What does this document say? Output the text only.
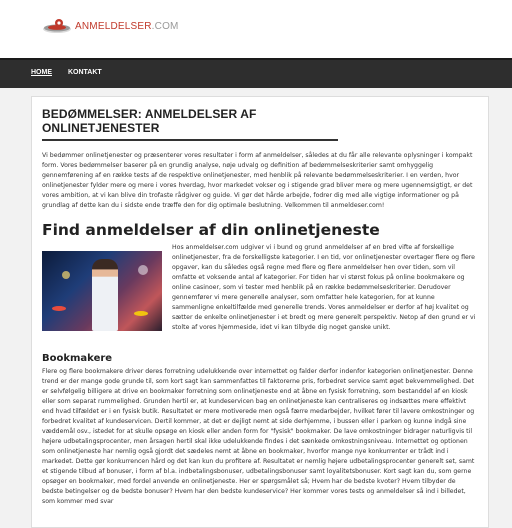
ANMELDELSER.COM
HOME KONTAKT
BEDØMMELSER: ANMELDELSER AF ONLINETJENESTER

Vi bedømmer onlinetjenester og præsenterer vores resultater i form af anmeldelser, således at du får alle relevante oplysninger i kompakt form. Vores bedømmelser baserer på en grundig analyse, nøje udvalg og definition af bedømmelseskriterier samt omhyggelig gennemførening af en række tests af de respektive onlinetjenester, med henblik på relevante bedømmelseskriterier. I en verden, hvor onlinetjenester fylder mere og mere i vores hverdag, hvor markedet vokser og i stigende grad bliver mere og mere ugennemsigtigt, er det vores ambition, at vi kan blive din trofaste rådgiver og guide. Vi gør det hårde arbejde, fodrer dig med alle vigtige informationer og på grundlag af dette kan du i sidste ende træffe den for dig optimale beslutning. Velkommen til anmeldeser.com!

Find anmeldelser af din onlinetjeneste

Hos anmeldelser.com udgiver vi i bund og grund anmeldelser af en bred vifte af forskellige onlinetjenester, fra de forskelligste kategorier. I en tid, vor onlinetjenester overtager flere og flere opgaver, kan du således også regne med flere og flere anmeldelser hen over tiden, som vil omfatte et voksende antal af kategorier. For tiden har vi størst fokus på online bookmakere og online casinoer, som vi tester med henblik på en række bedømmelseskriterier. Derudover gennemfører vi mere generelle analyser, som omfatter hele kategorien, for at kunne sammenligne enkeltilfælde med generelle trends. Vores anmeldelser er derfor af høj kvalitet og sætter de enkelte onlinetjenester i et bredt og mere generelt perspektiv. Netop af den grund er vi stolte af vores hjemmeside, idet vi kan tilbyde dig noget ganske unikt.

Bookmakere

Flere og flere bookmakere driver deres forretning udelukkende over internettet og falder derfor indenfor kategorien onlinetjenester. Denne trend er der mange gode grunde til, som kort sagt kan sammenfattes til faktorerne pris, forbedret service samt øget bekvemmelighed. Det er selvfølgelig billigere at drive en bookmaker forretning som onlinetjeneste end at åbne en fysisk forretning, som bestanddel af en kiosk eller som separat rummelighed. Grunden hertil er, at kundeservicen bag en onlinetjeneste kan centraliseres og indsættes mere effektivt end hvad tilfældet er i en fysisk butik. Resultatet er mere motiverede men også færre medarbejder, hvilket fører til lavere omkostninger og forbedret kvalitet af kundeservicen. Dertil kommer, at det er dejligt nemt at side derhjemme, i bussen eller i parken og kunne indgå sine væddemål osv., istedet for at skulle opsøge en kiosk eller anden form for "fysisk" bookmaker. De lave omkostninger bidrager naturligvis til højere udbetalingsprocenter, men årsagen hertil skal ikke udelukkende findes i det sænkede omkostningsniveau. Internettet og optionen som onlinetjeneste har nemlig også gjordt det sædeles nemt at åbne en bookmaker, hvorfor mange nye konkurrenter er trådt ind i markedet. Dette gør konkurrencen hård og det kan kun du profitere af. Resultatet er nemlig højere udbetalingsprocenter generelt set, samt et stigende tilbud af bonuser, i form af bl.a. indbetalingsbonuser, udbetalingsbonuser samt loyalitetsbonuser. Kort sagt kan du, som gerne opsøger en bookmaker, med fordel anvende en onlinetjeneste. Her er spørgsmålet så; Hvem har de bedste kvoter? Hvem tilbyder de bedste betingelser og de bedste bonuser? Hvem har den bedste kundeservice? Her kommer vores tests og anmeldelser så ind i billedet, som kommer med svar
